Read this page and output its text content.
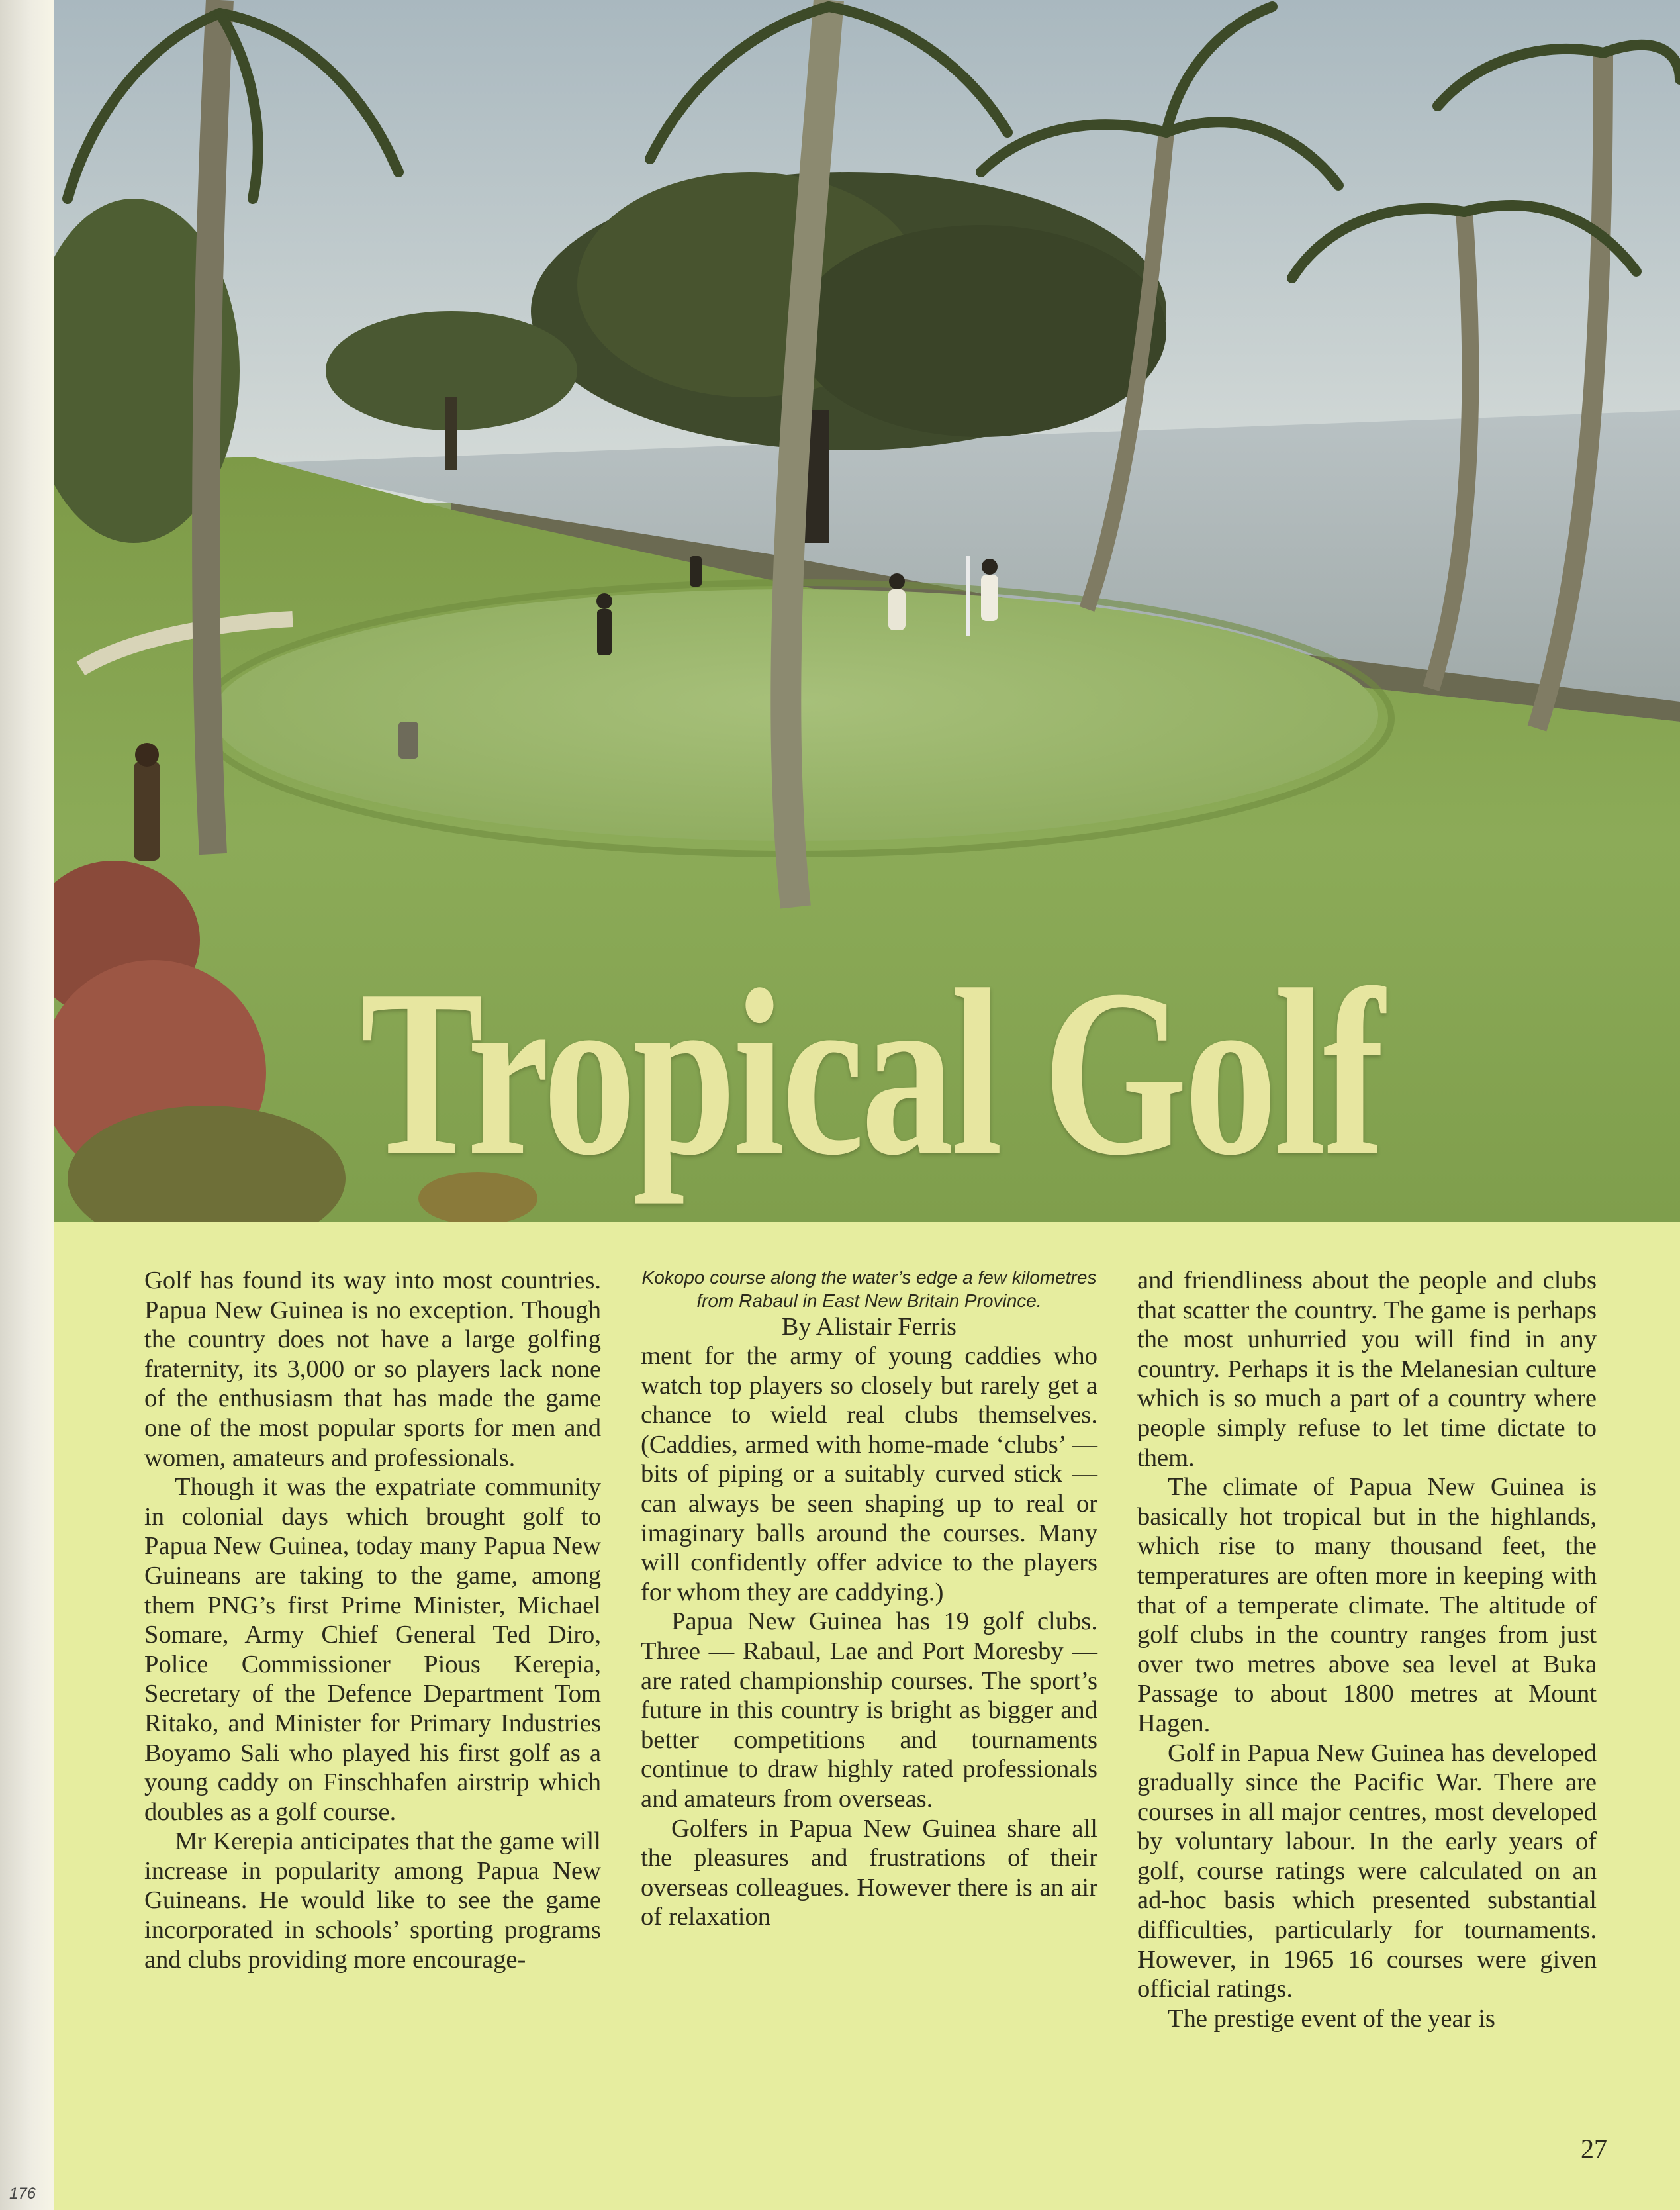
Tropical Golf

Golf has found its way into most countries. Papua New Guinea is no exception. Though the country does not have a large golfing fraternity, its 3,000 or so players lack none of the enthusiasm that has made the game one of the most popular sports for men and women, amateurs and professionals.

Though it was the expatriate community in colonial days which brought golf to Papua New Guinea, today many Papua New Guineans are taking to the game, among them PNG’s first Prime Minister, Michael Somare, Army Chief General Ted Diro, Police Commissioner Pious Kerepia, Secretary of the Defence Department Tom Ritako, and Minister for Primary Industries Boyamo Sali who played his first golf as a young caddy on Finschhafen airstrip which doubles as a golf course.

Mr Kerepia anticipates that the game will increase in popularity among Papua New Guineans. He would like to see the game incorporated in schools’ sporting programs and clubs providing more encourage-

Kokopo course along the water’s edge a few kilometres from Rabaul in East New Britain Province.

By Alistair Ferris

ment for the army of young caddies who watch top players so closely but rarely get a chance to wield real clubs themselves. (Caddies, armed with home-made ‘clubs’ — bits of piping or a suitably curved stick — can always be seen shaping up to real or imaginary balls around the courses. Many will confidently offer advice to the players for whom they are caddying.)

Papua New Guinea has 19 golf clubs. Three — Rabaul, Lae and Port Moresby — are rated championship courses. The sport’s future in this country is bright as bigger and better competitions and tournaments continue to draw highly rated professionals and amateurs from overseas.

Golfers in Papua New Guinea share all the pleasures and frustrations of their overseas colleagues. However there is an air of relaxation

and friendliness about the people and clubs that scatter the country. The game is perhaps the most unhurried you will find in any country. Perhaps it is the Melanesian culture which is so much a part of a country where people simply refuse to let time dictate to them.

The climate of Papua New Guinea is basically hot tropical but in the highlands, which rise to many thousand feet, the temperatures are often more in keeping with that of a temperate climate. The altitude of golf clubs in the country ranges from just over two metres above sea level at Buka Passage to about 1800 metres at Mount Hagen.

Golf in Papua New Guinea has developed gradually since the Pacific War. There are courses in all major centres, most developed by voluntary labour. In the early years of golf, course ratings were calculated on an ad-hoc basis which presented substantial difficulties, particularly for tournaments. However, in 1965 16 courses were given official ratings.

The prestige event of the year is

27
176
